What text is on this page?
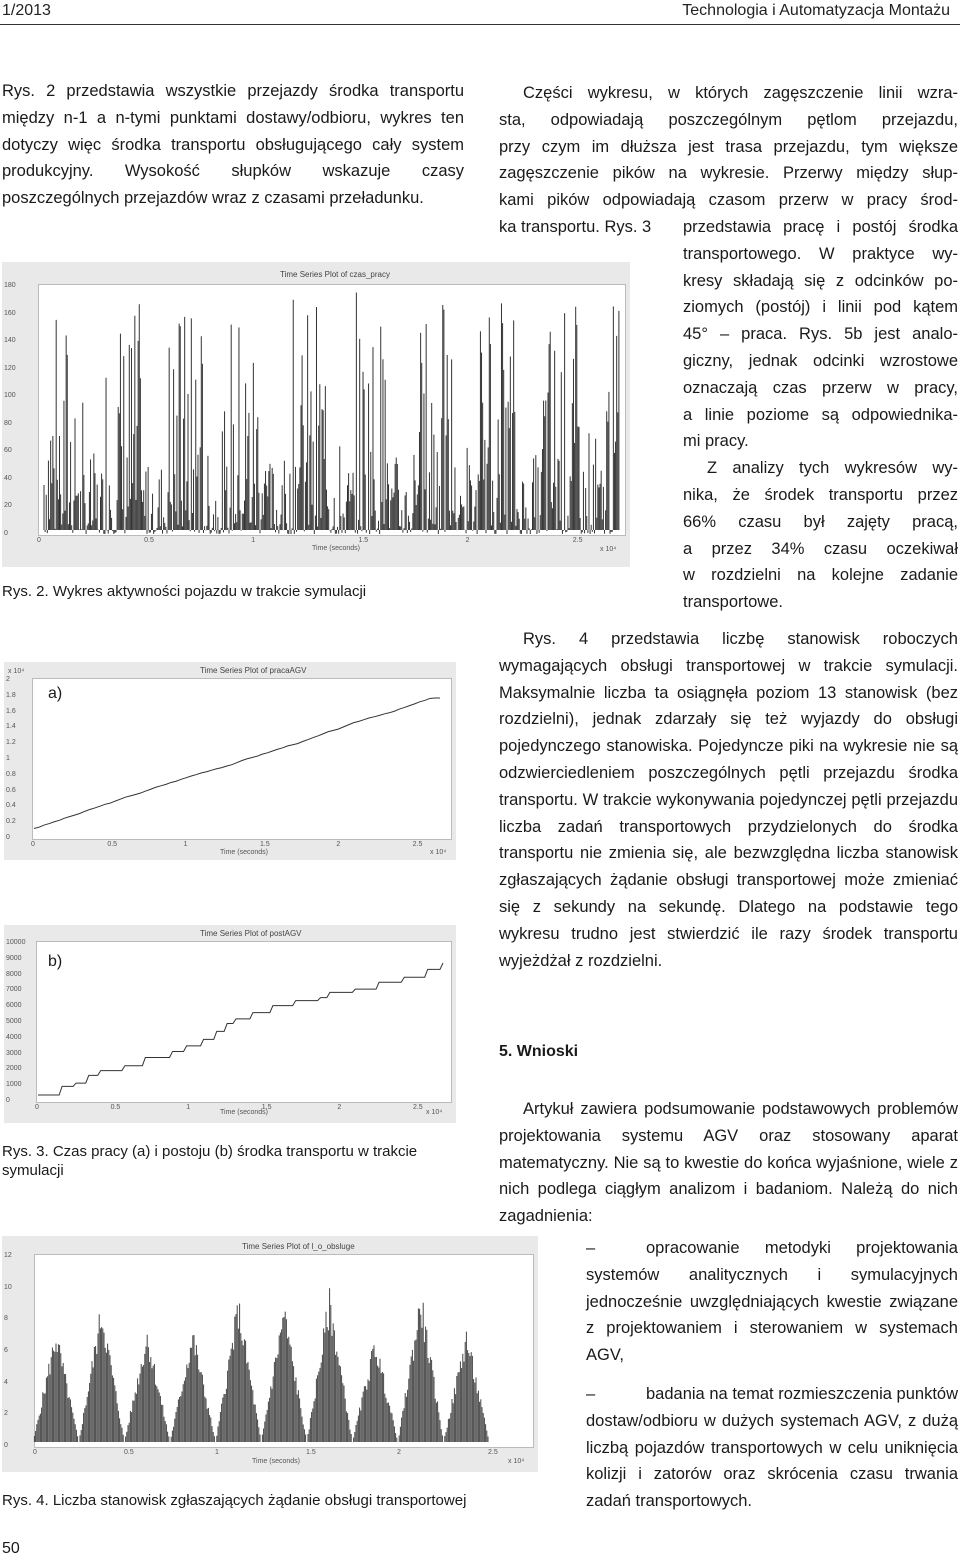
1/2013	Technologia i Automatyzacja Montażu
Rys. 2 przedstawia wszystkie przejazdy środka transportu między n-1 a n-tymi punktami dostawy/odbioru, wykres ten dotyczy więc środka transportu obsługującego cały system produkcyjny. Wysokość słupków wskazuje czasy poszczególnych przejazdów wraz z czasami przeładunku.
Time Series Plot of czas_pracy
180
160
140
120
100
80
60
40
20
0
0	0.5	1	1.5	2	2.5
Time (seconds)	x 10⁴
Rys. 2. Wykres aktywności pojazdu w trakcie symulacji
Time Series Plot of pracaAGV
x 10⁴
2
1.8
1.6
1.4
1.2
1
0.8
0.6
0.4
0.2
0
0	0.5	1	1.5	2	2.5
Time (seconds)	x 10⁴
a)
Time Series Plot of postAGV
10000
9000
8000
7000
6000
5000
4000
3000
2000
1000
0
0	0.5	1	1.5	2	2.5
Time (seconds)	x 10⁴
b)
Rys. 3. Czas pracy (a) i postoju (b) środka transportu w trakcie symulacji
Time Series Plot of l_o_obsluge
12
10
8
6
4
2
0
0	0.5	1	1.5	2	2.5
Time (seconds)	x 10⁴
Rys. 4. Liczba stanowisk zgłaszających żądanie obsługi transportowej
50
Części wykresu, w których zagęszczenie linii wzra-
sta, odpowiadają poszczególnym pętlom przejazdu,
przy czym im dłuższa jest trasa przejazdu, tym większe
zagęszczenie pików na wykresie. Przerwy między słup-
kami pików odpowiadają czasom przerw w pracy środ-
ka transportu. Rys. 3	przedstawia pracę i postój środka
transportowego. W praktyce wy-
kresy składają się z odcinków po-
ziomych (postój) i linii pod kątem
45° – praca. Rys. 5b jest analo-
giczny, jednak odcinki wzrostowe
oznaczają czas przerw w pracy,
a linie poziome są odpowiednika-
mi pracy.
Z analizy tych wykresów wy-
nika, że środek transportu przez
66% czasu był zajęty pracą,
a przez 34% czasu oczekiwał
w rozdzielni na kolejne zadanie
transportowe.
Rys. 4 przedstawia liczbę stanowisk roboczych wymagających obsługi transportowej w trakcie symulacji. Maksymalnie liczba ta osiągnęła poziom 13 stanowisk (bez rozdzielni), jednak zdarzały się też wyjazdy do obsługi pojedynczego stanowiska. Pojedyncze piki na wykresie nie są odzwierciedleniem poszczególnych pętli przejazdu środka transportu. W trakcie wykonywania pojedynczej pętli przejazdu liczba zadań transportowych przydzielonych do środka transportu nie zmienia się, ale bezwzględna liczba stanowisk zgłaszających żądanie obsługi transportowej może zmieniać się z sekundy na sekundę. Dlatego na podstawie tego wykresu trudno jest stwierdzić ile razy środek transportu wyjeżdżał z rozdzielni.
5. Wnioski
Artykuł zawiera podsumowanie podstawowych problemów projektowania systemu AGV oraz stosowany aparat matematyczny. Nie są to kwestie do końca wyjaśnione, wiele z nich podlega ciągłym analizom i badaniom. Należą do nich zagadnienia:
–	opracowanie metodyki projektowania systemów analitycznych i symulacyjnych jednocześnie uwzględniających kwestie związane z projektowaniem i sterowaniem w systemach AGV,
–	badania na temat rozmieszczenia punktów dostaw/odbioru w dużych systemach AGV, z dużą liczbą pojazdów transportowych w celu uniknięcia kolizji i zatorów oraz skrócenia czasu trwania zadań transportowych.
